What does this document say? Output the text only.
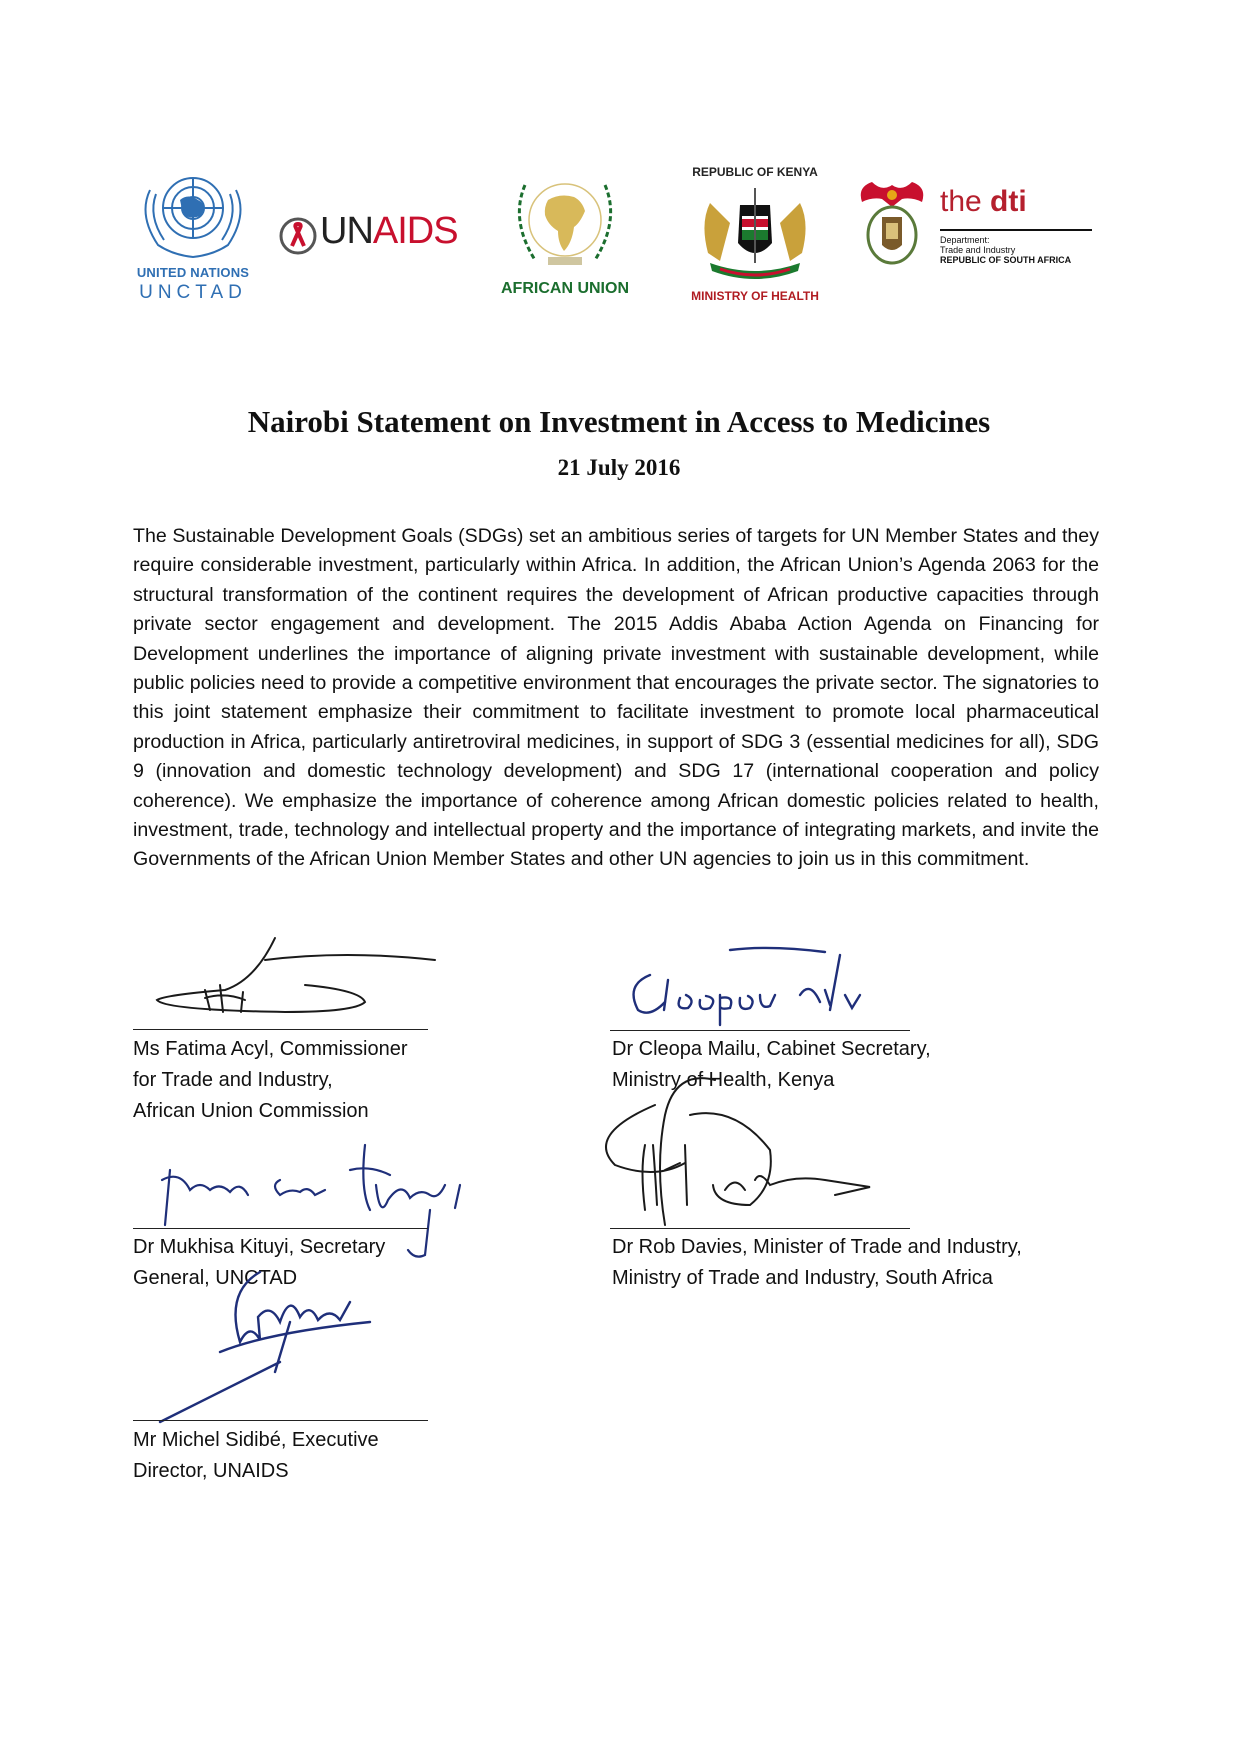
UNITED NATIONS
UNCTAD
UNAIDS
AFRICAN UNION
REPUBLIC OF KENYA
MINISTRY OF HEALTH
the dti
Department:
Trade and Industry
REPUBLIC OF SOUTH AFRICA
Nairobi Statement on Investment in Access to Medicines
21 July 2016
The Sustainable Development Goals (SDGs) set an ambitious series of targets for UN Member States and they require considerable investment, particularly within Africa. In addition, the African Union’s Agenda 2063 for the structural transformation of the continent requires the development of African productive capacities through private sector engagement and development. The 2015 Addis Ababa Action Agenda on Financing for Development underlines the importance of aligning private investment with sustainable development, while public policies need to provide a competitive environment that encourages the private sector. The signatories to this joint statement emphasize their commitment to facilitate investment to promote local pharmaceutical production in Africa, particularly antiretroviral medicines, in support of SDG 3 (essential medicines for all), SDG 9 (innovation and domestic technology development) and SDG 17 (international cooperation and policy coherence). We emphasize the importance of coherence among African domestic policies related to health, investment, trade, technology and intellectual property and the importance of integrating markets, and invite the Governments of the African Union Member States and other UN agencies to join us in this commitment.
Ms Fatima Acyl, Commissioner
for Trade and Industry,
African Union Commission
Dr Cleopa Mailu, Cabinet Secretary,
Ministry of Health, Kenya
Dr Mukhisa Kituyi, Secretary
General, UNCTAD
Dr Rob Davies, Minister of Trade and Industry,
Ministry of Trade and Industry, South Africa
Mr Michel Sidibé, Executive
Director, UNAIDS
